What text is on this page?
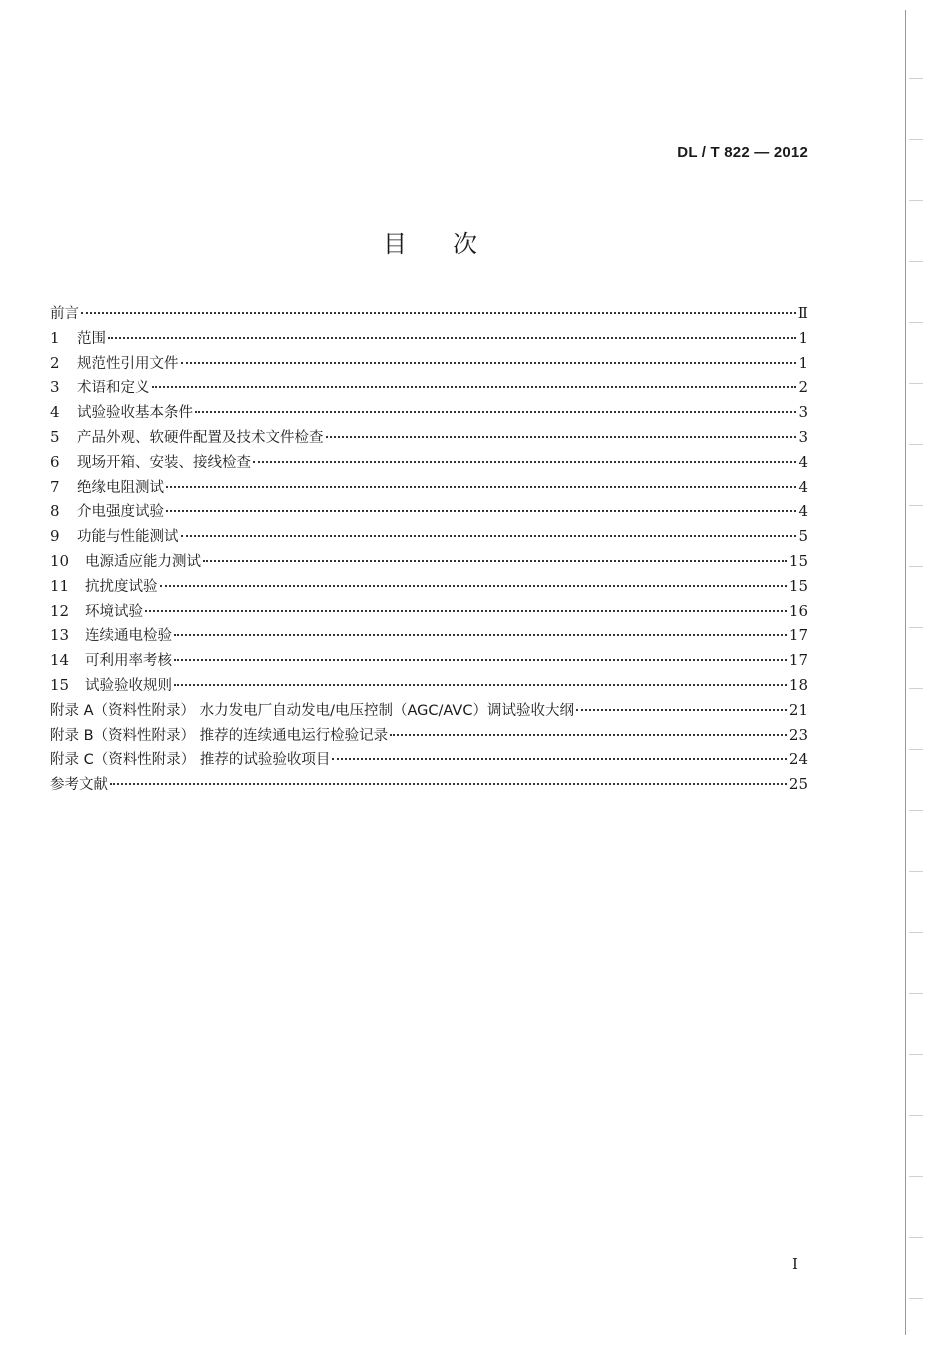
DL / T 822 — 2012
目次
前言	Ⅱ
1	范围	1
2	规范性引用文件	1
3	术语和定义	2
4	试验验收基本条件	3
5	产品外观、软硬件配置及技术文件检查	3
6	现场开箱、安装、接线检查	4
7	绝缘电阻测试	4
8	介电强度试验	4
9	功能与性能测试	5
10	电源适应能力测试	15
11	抗扰度试验	15
12	环境试验	16
13	连续通电检验	17
14	可利用率考核	17
15	试验验收规则	18
附录 A（资料性附录） 水力发电厂自动发电/电压控制（AGC/AVC）调试验收大纲	21
附录 B（资料性附录） 推荐的连续通电运行检验记录	23
附录 C（资料性附录） 推荐的试验验收项目	24
参考文献	25
I
